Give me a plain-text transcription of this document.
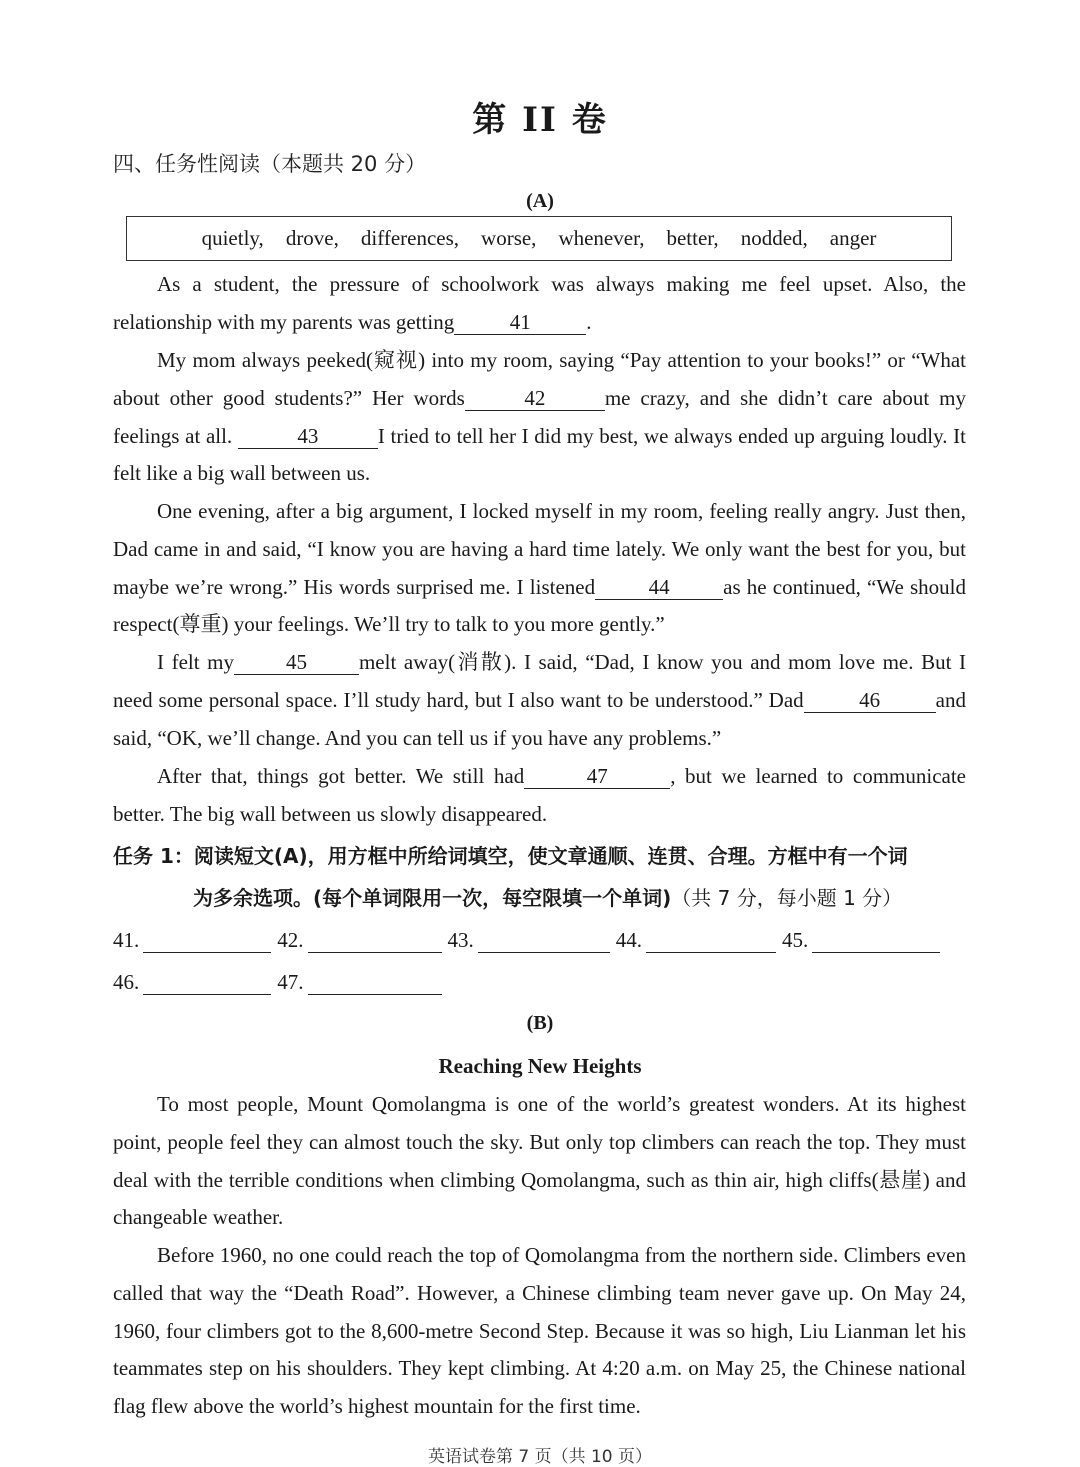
第 II 卷
四、任务性阅读（本题共 20 分）
(A)
quietly, drove, differences, worse, whenever, better, nodded, anger
As a student, the pressure of schoolwork was always making me feel upset. Also, the relationship with my parents was getting	41	.
My mom always peeked(窥视) into my room, saying “Pay attention to your books!” or “What about other good students?” Her words	42	me crazy, and she didn’t care about my feelings at all.	43	I tried to tell her I did my best, we always ended up arguing loudly. It felt like a big wall between us.
One evening, after a big argument, I locked myself in my room, feeling really angry. Just then, Dad came in and said, “I know you are having a hard time lately. We only want the best for you, but maybe we’re wrong.” His words surprised me. I listened	44	as he continued, “We should respect(尊重) your feelings. We’ll try to talk to you more gently.”
I felt my 45 melt away(消散). I said, “Dad, I know you and mom love me. But I need some personal space. I’ll study hard, but I also want to be understood.” Dad	46	and said, “OK, we’ll change. And you can tell us if you have any problems.”
After that, things got better. We still had	47	, but we learned to communicate better. The big wall between us slowly disappeared.
任务 1：阅读短文(A)，用方框中所给词填空，使文章通顺、连贯、合理。方框中有一个词
为多余选项。(每个单词限用一次，每空限填一个单词)（共 7 分，每小题 1 分）
41.	42.	43.	44.	45.
46.	47.
(B)
Reaching New Heights
To most people, Mount Qomolangma is one of the world’s greatest wonders. At its highest point, people feel they can almost touch the sky. But only top climbers can reach the top. They must deal with the terrible conditions when climbing Qomolangma, such as thin air, high cliffs(悬崖) and changeable weather.
Before 1960, no one could reach the top of Qomolangma from the northern side. Climbers even called that way the “Death Road”. However, a Chinese climbing team never gave up. On May 24, 1960, four climbers got to the 8,600-metre Second Step. Because it was so high, Liu Lianman let his teammates step on his shoulders. They kept climbing. At 4:20 a.m. on May 25, the Chinese national flag flew above the world’s highest mountain for the first time.
英语试卷第 7 页（共 10 页）
